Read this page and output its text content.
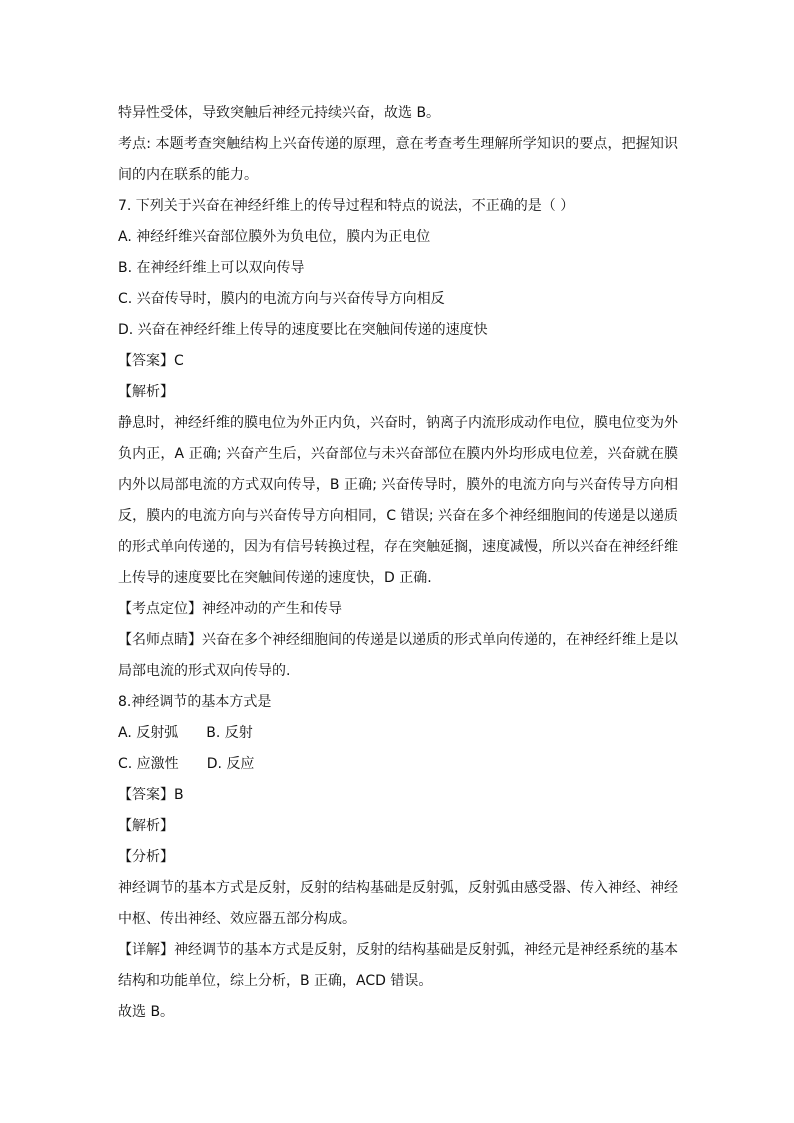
特异性受体，导致突触后神经元持续兴奋，故选 B。
考点: 本题考查突触结构上兴奋传递的原理，意在考查考生理解所学知识的要点，把握知识间的内在联系的能力。
7. 下列关于兴奋在神经纤维上的传导过程和特点的说法，不正确的是（ ）
A. 神经纤维兴奋部位膜外为负电位，膜内为正电位
B. 在神经纤维上可以双向传导
C. 兴奋传导时，膜内的电流方向与兴奋传导方向相反
D. 兴奋在神经纤维上传导的速度要比在突触间传递的速度快
【答案】C
【解析】
静息时，神经纤维的膜电位为外正内负，兴奋时，钠离子内流形成动作电位，膜电位变为外负内正，A 正确; 兴奋产生后，兴奋部位与未兴奋部位在膜内外均形成电位差，兴奋就在膜内外以局部电流的方式双向传导，B 正确; 兴奋传导时，膜外的电流方向与兴奋传导方向相反，膜内的电流方向与兴奋传导方向相同，C 错误; 兴奋在多个神经细胞间的传递是以递质的形式单向传递的，因为有信号转换过程，存在突触延搁，速度减慢，所以兴奋在神经纤维上传导的速度要比在突触间传递的速度快，D 正确.
【考点定位】神经冲动的产生和传导
【名师点睛】兴奋在多个神经细胞间的传递是以递质的形式单向传递的，在神经纤维上是以局部电流的形式双向传导的.
8.神经调节的基本方式是
A. 反射弧 B. 反射
C. 应激性 D. 反应
【答案】B
【解析】
【分析】
神经调节的基本方式是反射，反射的结构基础是反射弧，反射弧由感受器、传入神经、神经中枢、传出神经、效应器五部分构成。
【详解】神经调节的基本方式是反射，反射的结构基础是反射弧，神经元是神经系统的基本结构和功能单位，综上分析，B 正确，ACD 错误。
故选 B。
